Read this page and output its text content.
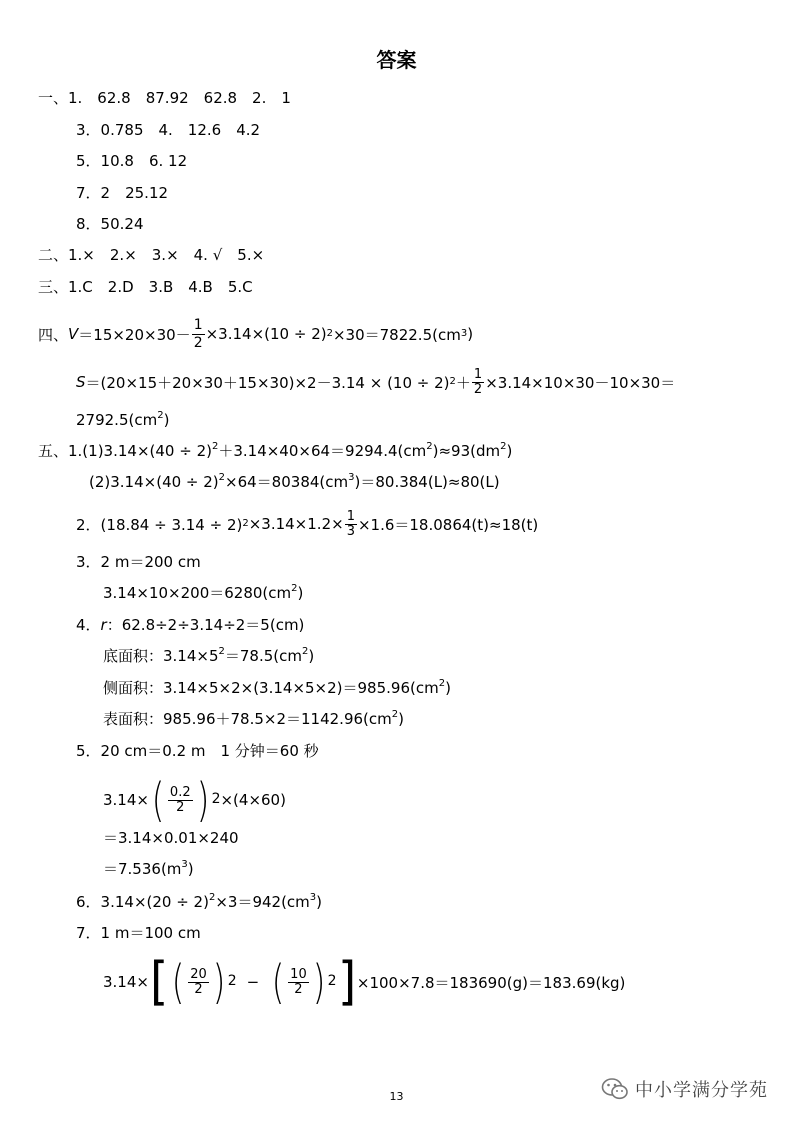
答案
一、1.　62.8　87.92　62.8　2.　1
3．0.785　4.　12.6　4.2
5．10.8　6. 12
7．2　25.12
8．50.24
二、1.×　2.×　3.×　4. √　5.×
三、1.C　2.D　3.B　4.B　5.C
四、 $V =15\times 20\times 30- \frac{1}{2} \times 3.14\times(10 \div 2)$ 2 ×30＝7822.5(cm 3 )
S ＝(20×15＋20×30＋15×30)×2－3.14 × (10 ÷ 2) $2 + \frac{1}{2} \times 3.14\times 10\times 30-10\times 30=$
$2792.5(cm^2)$
五、$1.(1)3.14\times(40 \div 2)^2+3.14\times 40\times 64=9294.4(cm^2)\approx 93(dm^2)$
$(2)3.14\times(40 \div 2)^2\times 64=80384(cm^3)=80.384(L)\approx 80(L)$
2．(18.84 ÷ 3.14 ÷ 2) $2 \times 3.14\times 1.2\times \frac{1}{3} \times 1.6=18.0864(t)\approx 18(t)$
3．2 m＝200 cm
$3.14\times 10\times 200=6280(cm^2)$
4．r：62.8÷2÷3.14÷2＝5(cm)
底面积：$3.14\times 5^2=78.5(cm^2)$
侧面积：$3.14\times 5\times 2\times(3.14\times 5\times 2)=985.96(cm^2)$
表面积：$985.96+78.5\times 2=1142.96(cm^2)$
5．20 cm＝0.2 m　1 分钟＝60 秒
3.14× ( $\frac{0.2}{2}$ ) 2 ×(4×60)
＝3.14×0.01×240
$=7.536(m^3)$
6．$3.14\times(20 \div 2)^2\times 3=942(cm^3)$
7．1 m＝100 cm
3.14× [ ( $\frac{20}{2}$ ) 2 − ( $\frac{10}{2}$ ) 2 ] ×100×7.8＝183690(g)＝183.69(kg)
13	中小学满分学苑
